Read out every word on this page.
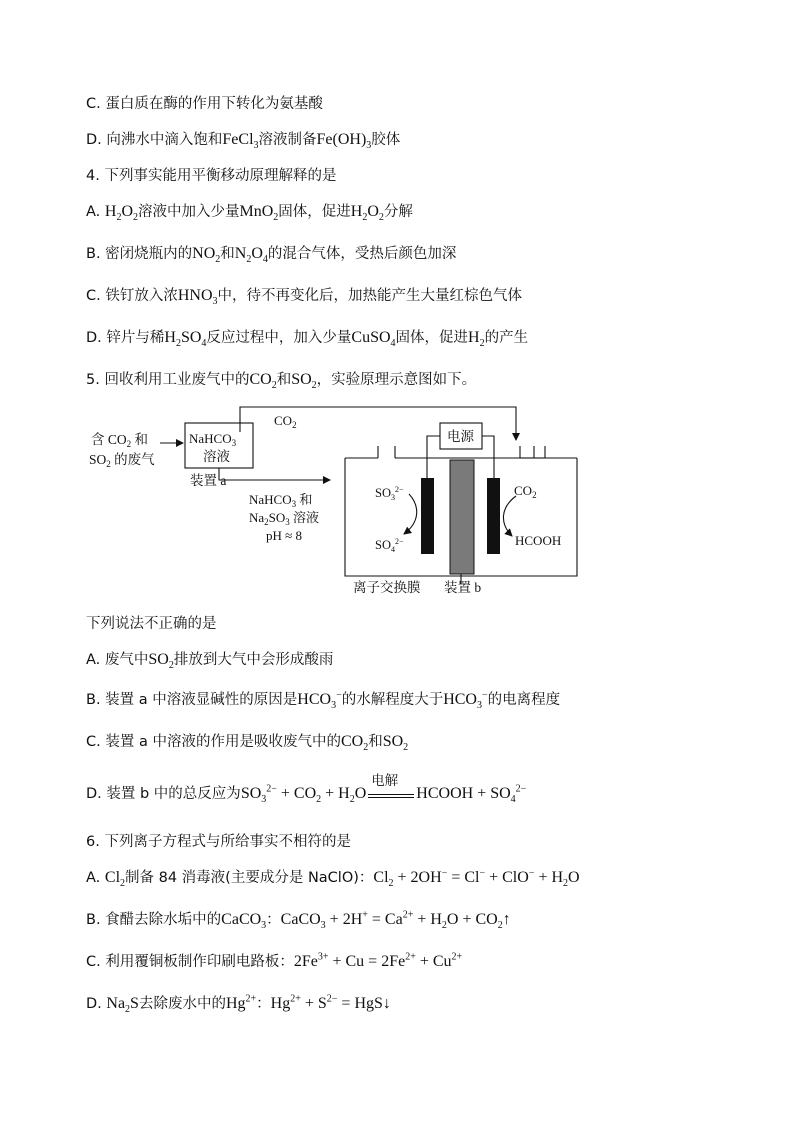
C. 蛋白质在酶的作用下转化为氨基酸
D. 向沸水中滴入饱和FeCl$_3$溶液制备$Fe(OH)_3$胶体
4. 下列事实能用平衡移动原理解释的是
A. $H_2O_2$溶液中加入少量MnO$_2$固体，促进$H_2O_2$分解
B. 密闭烧瓶内的$NO_2$和$N_2O_4$的混合气体，受热后颜色加深
C. 铁钉放入浓$HNO_3$中，待不再变化后，加热能产生大量红棕色气体
D. 锌片与稀$H_2SO_4$反应过程中，加入少量CuSO$_4$固体，促进$H_2$的产生
5. 回收利用工业废气中的$CO_2$和$SO_2$，实验原理示意图如下。
$CO_2$
含 $CO_2$ 和
$SO_2$ 的废气
NaHCO$_3$
溶液
装置 a
电源
NaHCO$_3$ 和
$Na_2SO_3$ 溶液
pH ≈ 8
$SO_3^{2-}$
$SO_4^{2-}$
$CO_2$
HCOOH
离子交换膜 装置 b
下列说法不正确的是
A. 废气中$SO_2$排放到大气中会形成酸雨
B. 装置 a 中溶液显碱性的原因是$HCO_3^-$的水解程度大于$HCO_3^-$的电离程度
C. 装置 a 中溶液的作用是吸收废气中的$CO_2$和$SO_2$
D. 装置 b 中的总反应为$SO_3^{2-} + CO_2 + H_2O$
电解
HCOOH + $SO_4^{2-}$
6. 下列离子方程式与所给事实不相符的是
A. $Cl_2$制备 84 消毒液(主要成分是 NaClO)：$Cl_2 + 2OH^- = Cl^- + ClO^- + H_2O$
B. 食醋去除水垢中的CaCO$_3$：CaCO$_3$ + $2H^+ = Ca^{2+} + H_2O$ + $CO_2↑$
C. 利用覆铜板制作印刷电路板：$2Fe^{3+} + Cu = 2Fe^{2+} + Cu^{2+}$
D. $Na_2S$去除废水中的$Hg^{2+}$：$Hg^{2+} + S^{2-}$ = HgS↓
